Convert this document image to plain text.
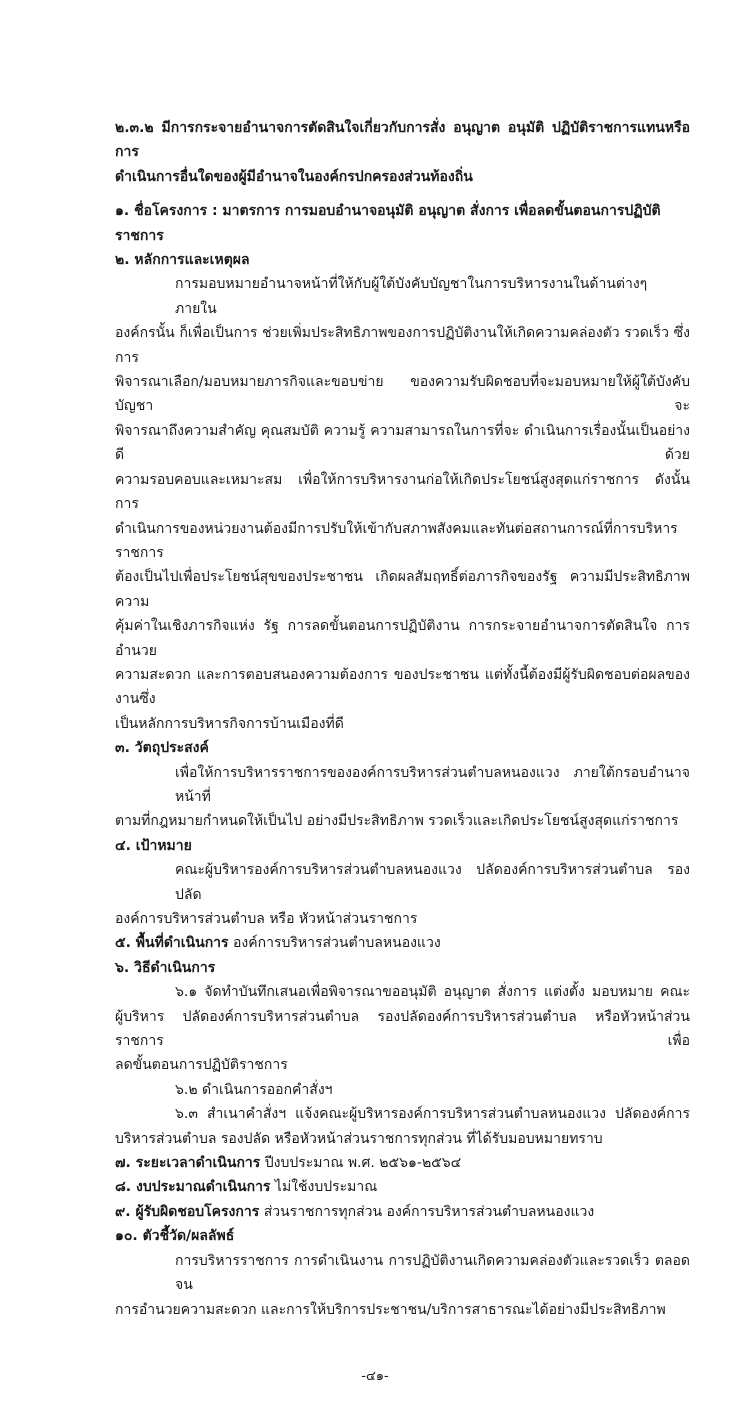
๒.๓.๒ มีการกระจายอำนาจการตัดสินใจเกี่ยวกับการสั่ง อนุญาต อนุมัติ ปฏิบัติราชการแทนหรือ การ
ดำเนินการอื่นใดของผู้มีอำนาจในองค์กรปกครองส่วนท้องถิ่น
๑. ชื่อโครงการ : มาตรการ การมอบอำนาจอนุมัติ อนุญาต สั่งการ เพื่อลดขั้นตอนการปฏิบัติราชการ
๒. หลักการและเหตุผล
การมอบหมายอำนาจหน้าที่ให้กับผู้ใต้บังคับบัญชาในการบริหารงานในด้านต่างๆ ภายใน
องค์กรนั้น ก็เพื่อเป็นการ ช่วยเพิ่มประสิทธิภาพของการปฏิบัติงานให้เกิดความคล่องตัว รวดเร็ว ซึ่งการ
พิจารณาเลือก/มอบหมายภารกิจและขอบข่าย ของความรับผิดชอบที่จะมอบหมายให้ผู้ใต้บังคับบัญชา จะ
พิจารณาถึงความสำคัญ คุณสมบัติ ความรู้ ความสามารถในการที่จะ ดำเนินการเรื่องนั้นเป็นอย่างดี ด้วย
ความรอบคอบและเหมาะสม เพื่อให้การบริหารงานก่อให้เกิดประโยชน์สูงสุดแก่ราชการ ดังนั้น การ
ดำเนินการของหน่วยงานต้องมีการปรับให้เข้ากับสภาพสังคมและทันต่อสถานการณ์ที่การบริหารราชการ
ต้องเป็นไปเพื่อประโยชน์สุขของประชาชน เกิดผลสัมฤทธิ์ต่อภารกิจของรัฐ ความมีประสิทธิภาพ ความ
คุ้มค่าในเชิงภารกิจแห่ง รัฐ การลดขั้นตอนการปฏิบัติงาน การกระจายอำนาจการตัดสินใจ การอำนวย
ความสะดวก และการตอบสนองความต้องการ ของประชาชน แต่ทั้งนี้ต้องมีผู้รับผิดชอบต่อผลของงานซึ่ง
เป็นหลักการบริหารกิจการบ้านเมืองที่ดี
๓. วัตถุประสงค์
เพื่อให้การบริหารราชการขององค์การบริหารส่วนตำบลหนองแวง ภายใต้กรอบอำนาจหน้าที่
ตามที่กฎหมายกำหนดให้เป็นไป อย่างมีประสิทธิภาพ รวดเร็วและเกิดประโยชน์สูงสุดแก่ราชการ
๔. เป้าหมาย
คณะผู้บริหารองค์การบริหารส่วนตำบลหนองแวง ปลัดองค์การบริหารส่วนตำบล รองปลัด
องค์การบริหารส่วนตำบล หรือ หัวหน้าส่วนราชการ
๕. พื้นที่ดำเนินการ องค์การบริหารส่วนตำบลหนองแวง
๖. วิธีดำเนินการ
๖.๑ จัดทำบันทึกเสนอเพื่อพิจารณาขออนุมัติ อนุญาต สั่งการ แต่งตั้ง มอบหมาย คณะ
ผู้บริหาร ปลัดองค์การบริหารส่วนตำบล รองปลัดองค์การบริหารส่วนตำบล หรือหัวหน้าส่วนราชการ เพื่อ
ลดขั้นตอนการปฏิบัติราชการ
๖.๒ ดำเนินการออกคำสั่งฯ
๖.๓ สำเนาคำสั่งฯ แจ้งคณะผู้บริหารองค์การบริหารส่วนตำบลหนองแวง ปลัดองค์การ
บริหารส่วนตำบล รองปลัด หรือหัวหน้าส่วนราชการทุกส่วน ที่ได้รับมอบหมายทราบ
๗. ระยะเวลาดำเนินการ ปีงบประมาณ พ.ศ. ๒๕๖๑-๒๕๖๔
๘. งบประมาณดำเนินการ ไม่ใช้งบประมาณ
๙. ผู้รับผิดชอบโครงการ ส่วนราชการทุกส่วน องค์การบริหารส่วนตำบลหนองแวง
๑๐. ตัวชี้วัด/ผลลัพธ์
การบริหารราชการ การดำเนินงาน การปฏิบัติงานเกิดความคล่องตัวและรวดเร็ว ตลอดจน
การอำนวยความสะดวก และการให้บริการประชาชน/บริการสาธารณะได้อย่างมีประสิทธิภาพ
-๔๑-
